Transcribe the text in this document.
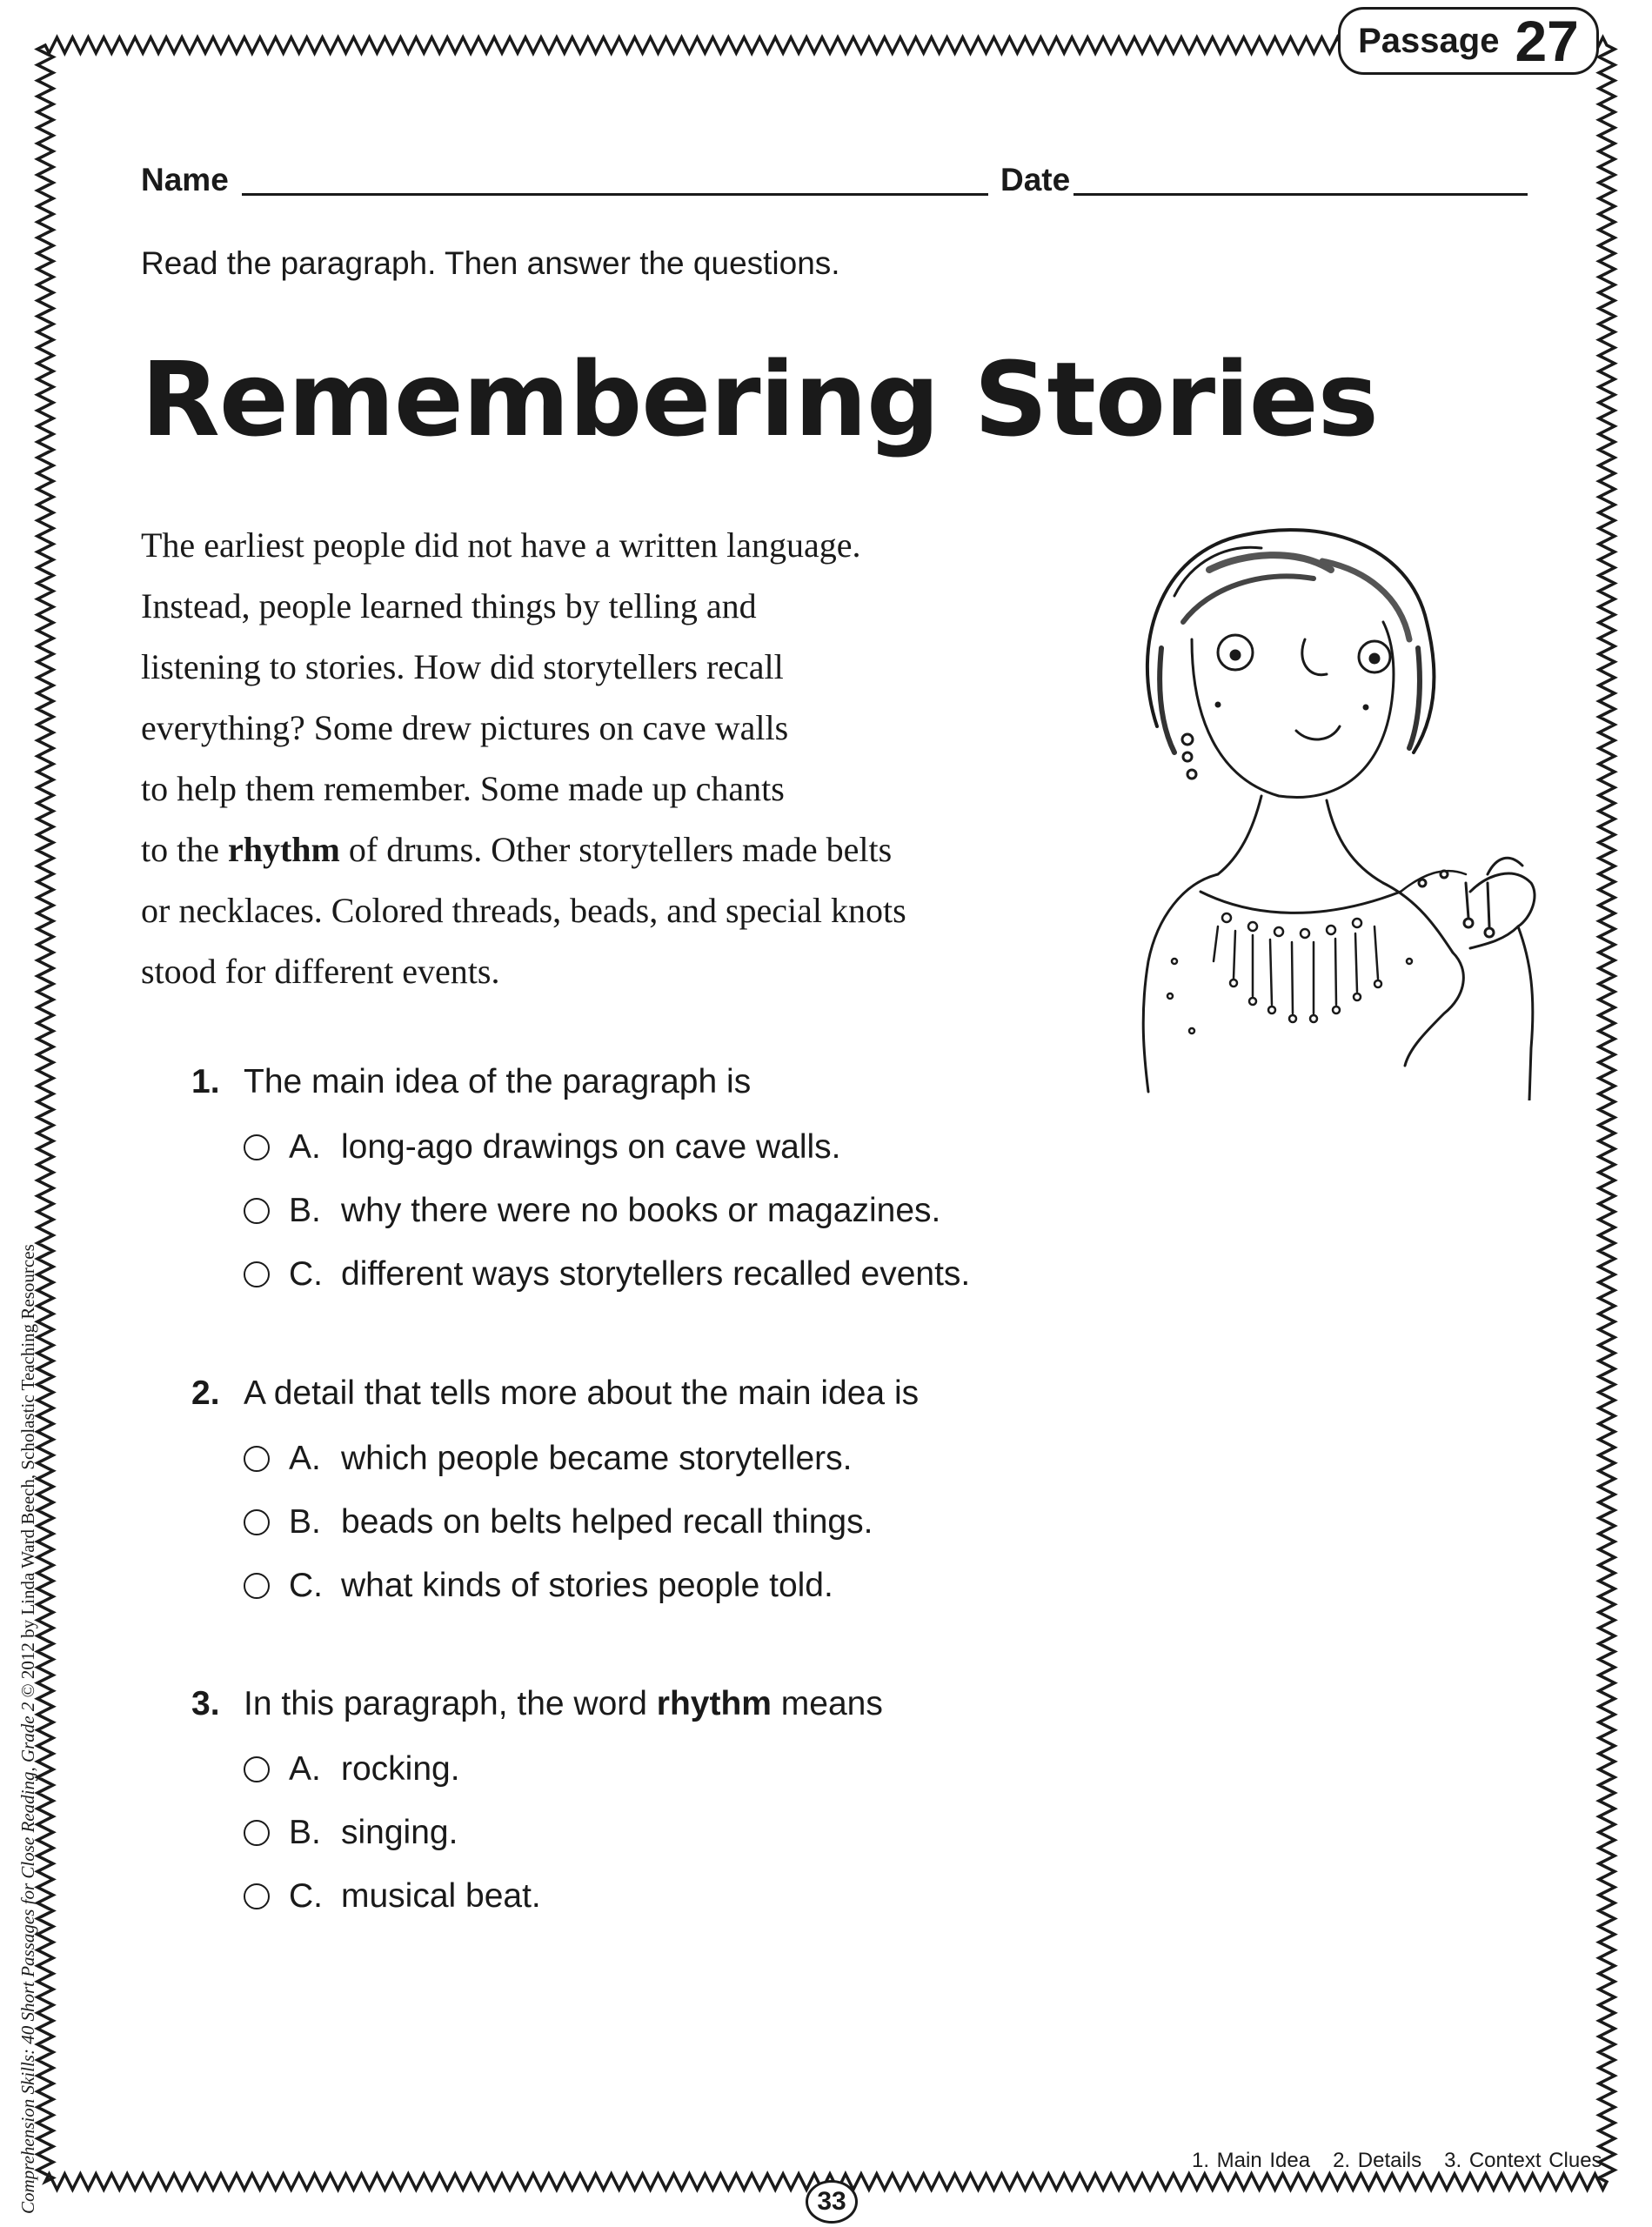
Passage 27
Name	Date
Read the paragraph. Then answer the questions.
Remembering Stories

The earliest people did not have a written language.

Instead, people learned things by telling and

listening to stories. How did storytellers recall

everything? Some drew pictures on cave walls

to help them remember. Some made up chants

to the rhythm of drums. Other storytellers made belts

or necklaces. Colored threads, beads, and special knots

stood for different events.

1. The main idea of the paragraph is
A. long-ago drawings on cave walls.
B. why there were no books or magazines.
C. different ways storytellers recalled events.
2. A detail that tells more about the main idea is
A. which people became storytellers.
B. beads on belts helped recall things.
C. what kinds of stories people told.
3. In this paragraph, the word rhythm means
A. rocking.
B. singing.
C. musical beat.
1. Main Idea   2. Details   3. Context Clues
33
Comprehension Skills: 40 Short Passages for Close Reading, Grade 2 © 2012 by Linda Ward Beech, Scholastic Teaching Resources
